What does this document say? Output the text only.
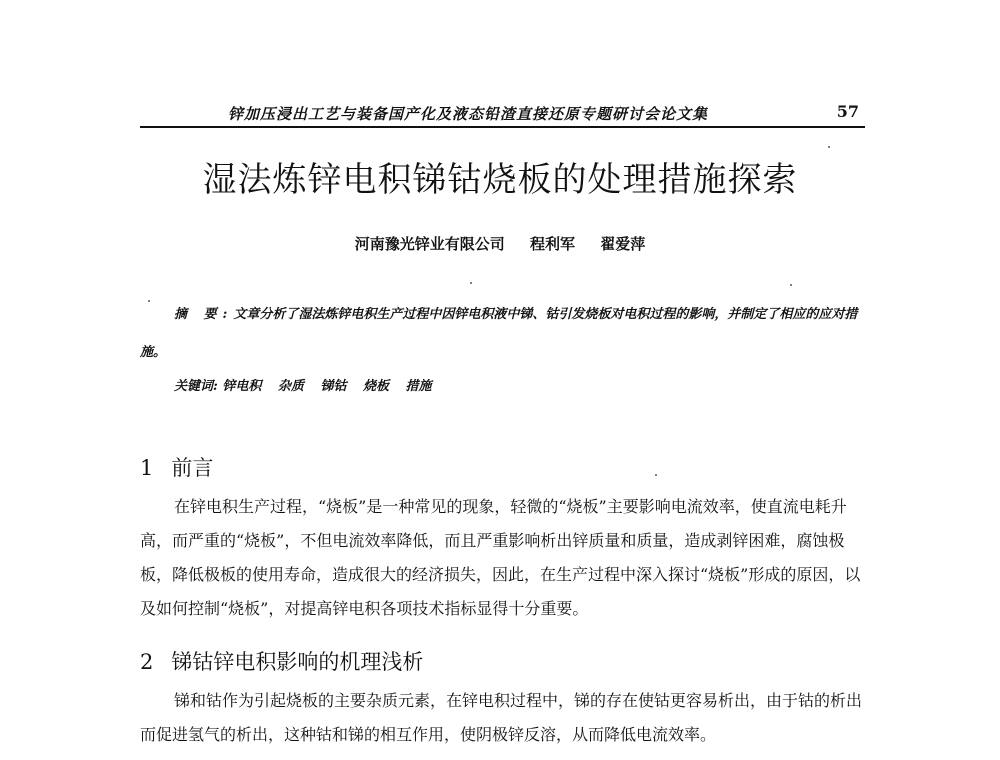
锌加压浸出工艺与装备国产化及液态铅渣直接还原专题研讨会论文集	57
湿法炼锌电积锑钴烧板的处理措施探索
河南豫光锌业有限公司 程利军 翟爱萍
摘 要:文章分析了湿法炼锌电积生产过程中因锌电积液中锑、钴引发烧板对电积过程的影响，并制定了相应的应对措施。
关键词: 锌电积 杂质 锑钴 烧板 措施
1 前言
在锌电积生产过程，“烧板”是一种常见的现象，轻微的“烧板”主要影响电流效率，使直流电耗升高，而严重的“烧板”，不但电流效率降低，而且严重影响析出锌质量和质量，造成剥锌困难，腐蚀极板，降低极板的使用寿命，造成很大的经济损失，因此，在生产过程中深入探讨“烧板”形成的原因，以及如何控制“烧板”，对提高锌电积各项技术指标显得十分重要。
2 锑钴锌电积影响的机理浅析
锑和钴作为引起烧板的主要杂质元素，在锌电积过程中，锑的存在使钴更容易析出，由于钴的析出而促进氢气的析出，这种钴和锑的相互作用，使阴极锌反溶，从而降低电流效率。
